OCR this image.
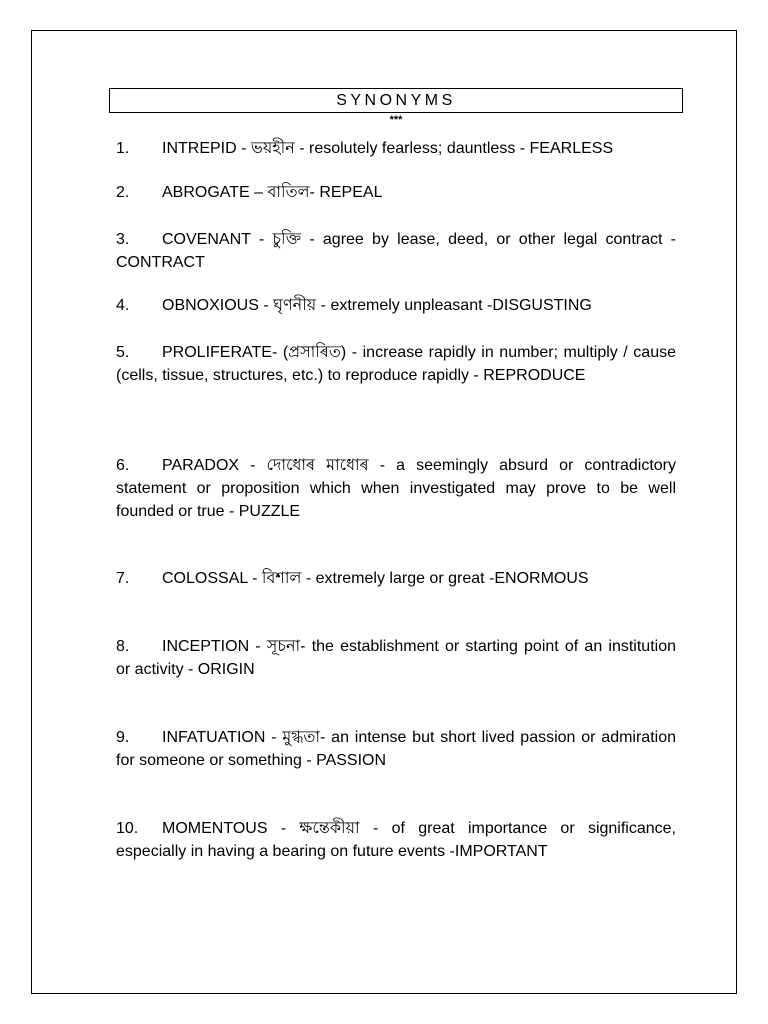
SYNONYMS
***
1. INTREPID - ভয়হীন - resolutely fearless; dauntless - FEARLESS
2. ABROGATE – বাতিল- REPEAL
3. COVENANT - চুক্তি - agree by lease, deed, or other legal contract - CONTRACT
4. OBNOXIOUS - ঘৃণনীয় - extremely unpleasant -DISGUSTING
5. PROLIFERATE- (প্রসাৰিত) - increase rapidly in number; multiply / cause (cells, tissue, structures, etc.) to reproduce rapidly - REPRODUCE
6. PARADOX - দোধোৰ মাধোৰ - a seemingly absurd or contradictory statement or proposition which when investigated may prove to be well founded or true - PUZZLE
7. COLOSSAL - বিশাল - extremely large or great -ENORMOUS
8. INCEPTION - সূচনা- the establishment or starting point of an institution or activity - ORIGIN
9. INFATUATION - মুগ্ধতা- an intense but short lived passion or admiration for someone or something - PASSION
10. MOMENTOUS - ক্ষন্তেকীয়া - of great importance or significance, especially in having a bearing on future events -IMPORTANT
